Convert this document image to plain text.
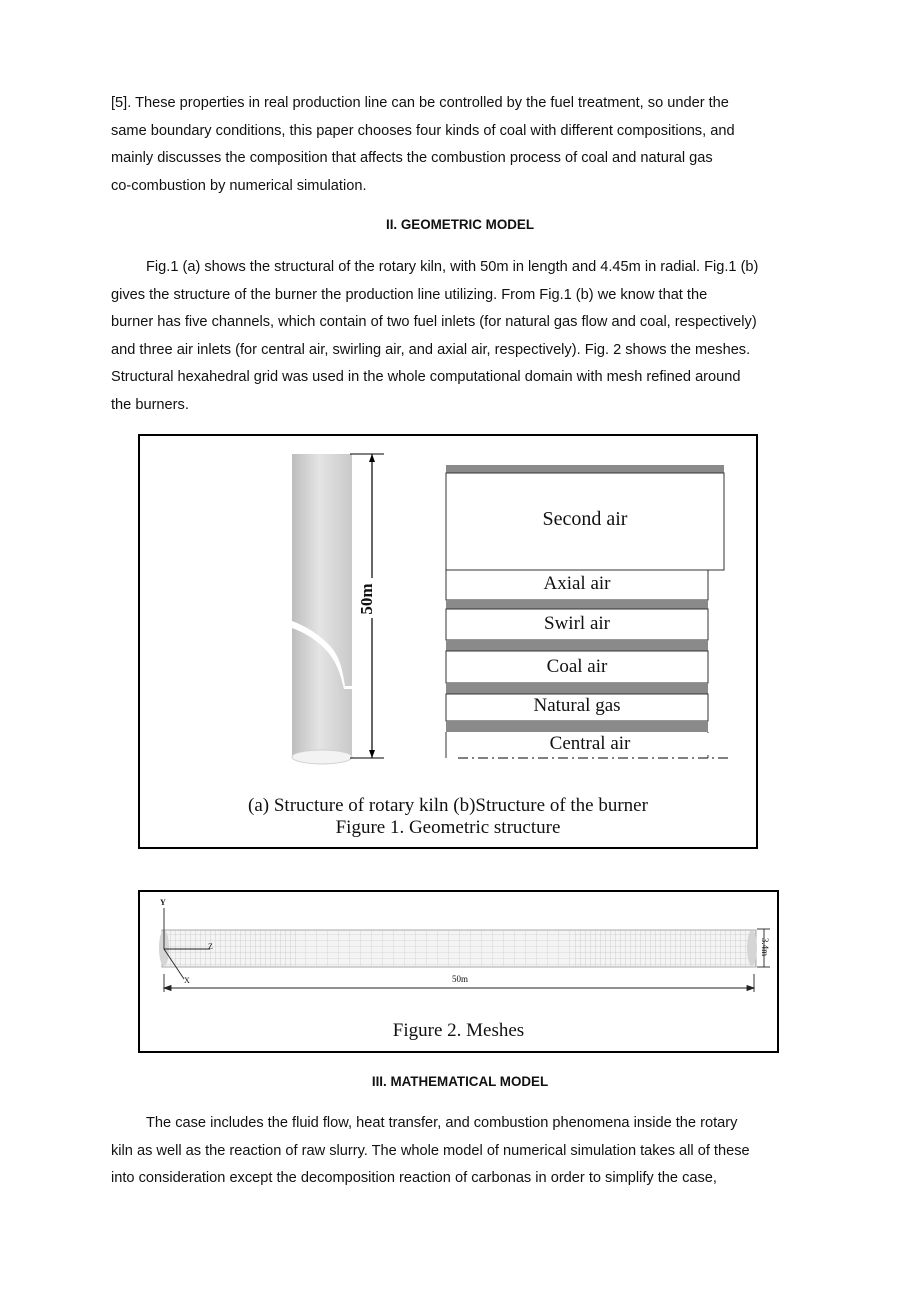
[5]. These properties in real production line can be controlled by the fuel treatment, so under the
same boundary conditions, this paper chooses four kinds of coal with different compositions, and
mainly discusses the composition that affects the combustion process of coal and natural gas
co-combustion by numerical simulation.
II. GEOMETRIC MODEL
Fig.1 (a) shows the structural of the rotary kiln, with 50m in length and 4.45m in radial. Fig.1 (b)
gives the structure of the burner the production line utilizing. From Fig.1 (b) we know that the
burner has five channels, which contain of two fuel inlets (for natural gas flow and coal, respectively)
and three air inlets (for central air, swirling air, and axial air, respectively). Fig. 2 shows the meshes.
Structural hexahedral grid was used in the whole computational domain with mesh refined around
the burners.
50m
Second air
Axial air
Swirl air
Coal air
Natural gas
Central air
(a) Structure of rotary kiln (b)Structure of the burner
Figure 1. Geometric structure
Y
Z
X	50m
3.4m
Figure 2. Meshes
III. MATHEMATICAL MODEL
The case includes the fluid flow, heat transfer, and combustion phenomena inside the rotary
kiln as well as the reaction of raw slurry. The whole model of numerical simulation takes all of these
into consideration except the decomposition reaction of carbonas in order to simplify the case,
